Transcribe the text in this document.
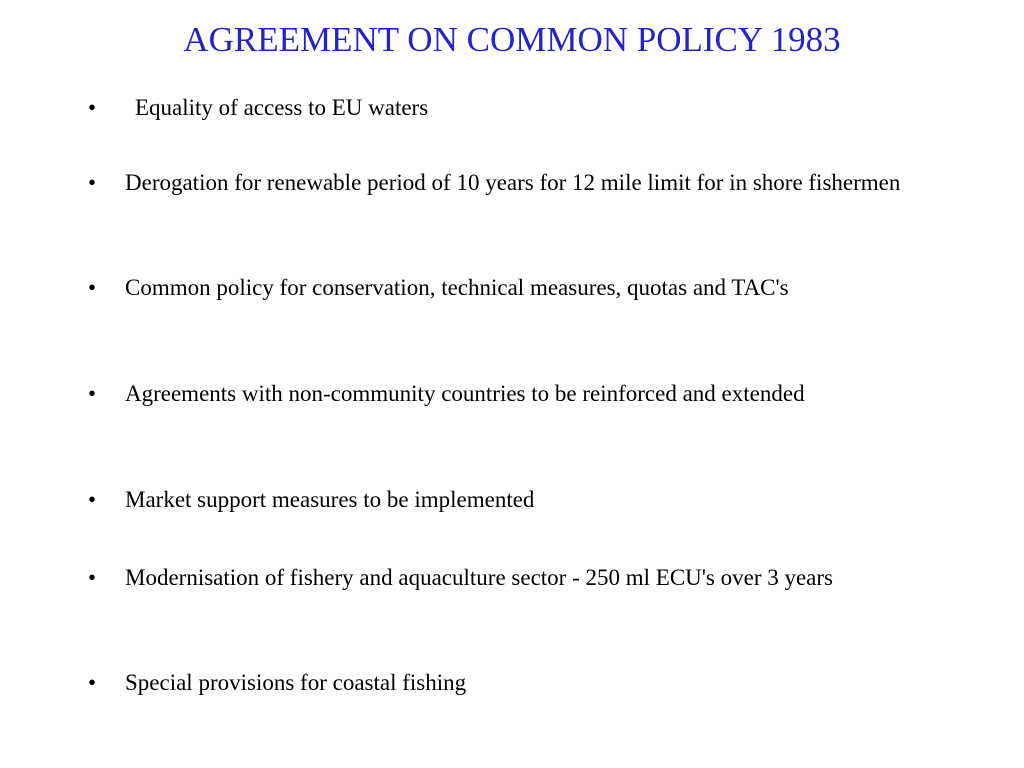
AGREEMENT ON COMMON POLICY 1983
•	Equality of access to EU waters
•	Derogation for renewable period of 10 years for 12 mile limit for in shore fishermen
•	Common policy for conservation, technical measures, quotas and TAC's
•	Agreements with non-community countries to be reinforced and extended
•	Market support measures to be implemented
•	Modernisation of fishery and aquaculture sector - 250 ml ECU's over 3 years
•	Special provisions for coastal fishing
